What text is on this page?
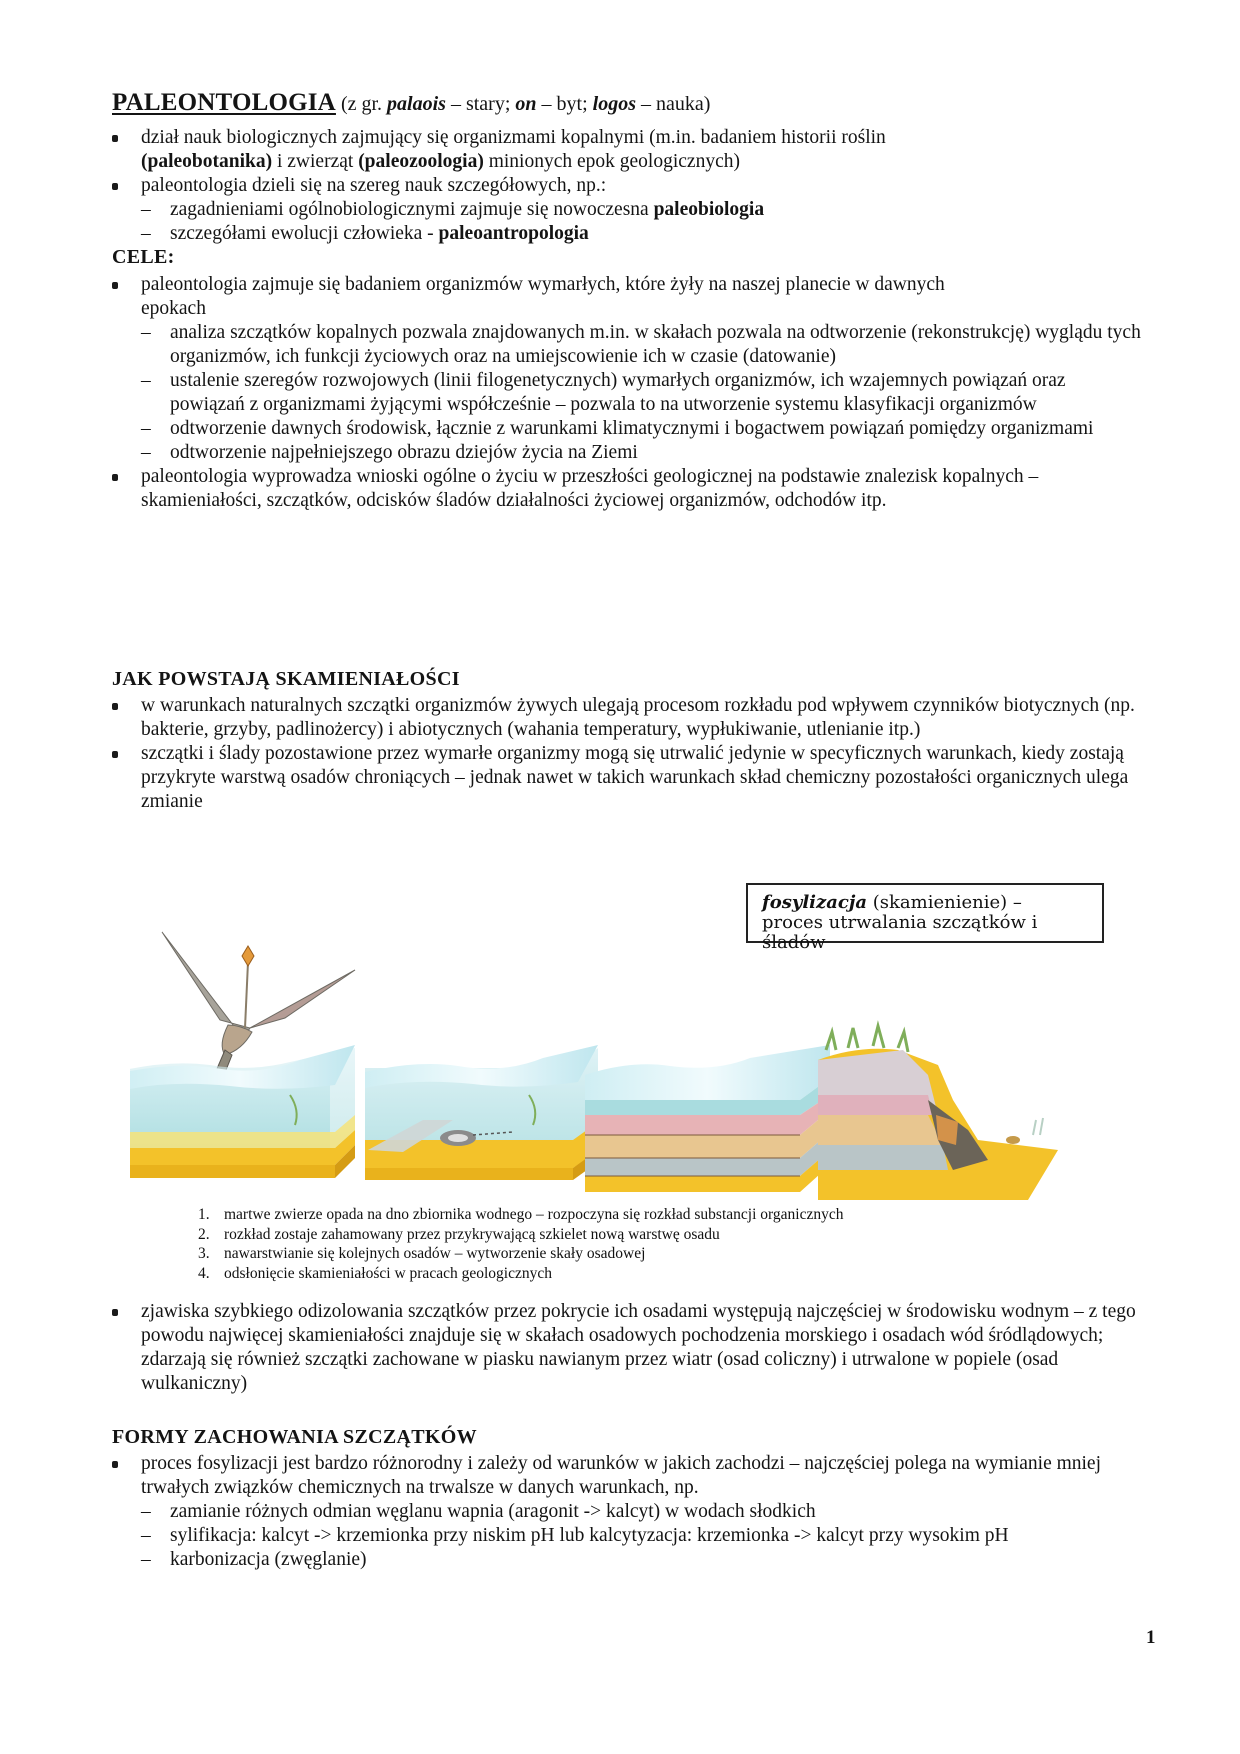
PALEONTOLOGIA (z gr. palaois – stary; on – byt; logos – nauka)
dział nauk biologicznych zajmujący się organizmami kopalnymi (m.in. badaniem historii roślin
(paleobotanika) i zwierząt (paleozoologia) minionych epok geologicznych)
paleontologia dzieli się na szereg nauk szczegółowych, np.:
– zagadnieniami ogólnobiologicznymi zajmuje się nowoczesna paleobiologia
– szczegółami ewolucji człowieka - paleoantropologia
CELE:
paleontologia zajmuje się badaniem organizmów wymarłych, które żyły na naszej planecie w dawnych epokach
– analiza szczątków kopalnych pozwala znajdowanych m.in. w skałach pozwala na odtworzenie (rekonstrukcję) wyglądu tych organizmów, ich funkcji życiowych oraz na umiejscowienie ich w czasie (datowanie)
– ustalenie szeregów rozwojowych (linii filogenetycznych) wymarłych organizmów, ich wzajemnych powiązań oraz powiązań z organizmami żyjącymi współcześnie – pozwala to na utworzenie systemu klasyfikacji organizmów
– odtworzenie dawnych środowisk, łącznie z warunkami klimatycznymi i bogactwem powiązań pomiędzy organizmami
– odtworzenie najpełniejszego obrazu dziejów życia na Ziemi
paleontologia wyprowadza wnioski ogólne o życiu w przeszłości geologicznej na podstawie znalezisk kopalnych – skamieniałości, szczątków, odcisków śladów działalności życiowej organizmów, odchodów itp.
JAK POWSTAJĄ SKAMIENIAŁOŚCI
w warunkach naturalnych szczątki organizmów żywych ulegają procesom rozkładu pod wpływem czynników biotycznych (np. bakterie, grzyby, padlinożercy) i abiotycznych (wahania temperatury, wypłukiwanie, utlenianie itp.)
szczątki i ślady pozostawione przez wymarłe organizmy mogą się utrwalić jedynie w specyficznych warunkach, kiedy zostają przykryte warstwą osadów chroniących – jednak nawet w takich warunkach skład chemiczny pozostałości organicznych ulega zmianie
fosylizacja (skamienienie) – proces utrwalania szczątków i śladów
1. martwe zwierze opada na dno zbiornika wodnego – rozpoczyna się rozkład substancji organicznych
2. rozkład zostaje zahamowany przez przykrywającą szkielet nową warstwę osadu
3. nawarstwianie się kolejnych osadów – wytworzenie skały osadowej
4. odsłonięcie skamieniałości w pracach geologicznych
zjawiska szybkiego odizolowania szczątków przez pokrycie ich osadami występują najczęściej w środowisku wodnym – z tego powodu najwięcej skamieniałości znajduje się w skałach osadowych pochodzenia morskiego i osadach wód śródlądowych; zdarzają się również szczątki zachowane w piasku nawianym przez wiatr (osad coliczny) i utrwalone w popiele (osad wulkaniczny)
FORMY ZACHOWANIA SZCZĄTKÓW
proces fosylizacji jest bardzo różnorodny i zależy od warunków w jakich zachodzi – najczęściej polega na wymianie mniej trwałych związków chemicznych na trwalsze w danych warunkach, np.
– zamianie różnych odmian węglanu wapnia (aragonit -> kalcyt) w wodach słodkich
– sylifikacja: kalcyt -> krzemionka przy niskim pH lub kalcytyzacja: krzemionka -> kalcyt przy wysokim pH
– karbonizacja (zwęglanie)
1
